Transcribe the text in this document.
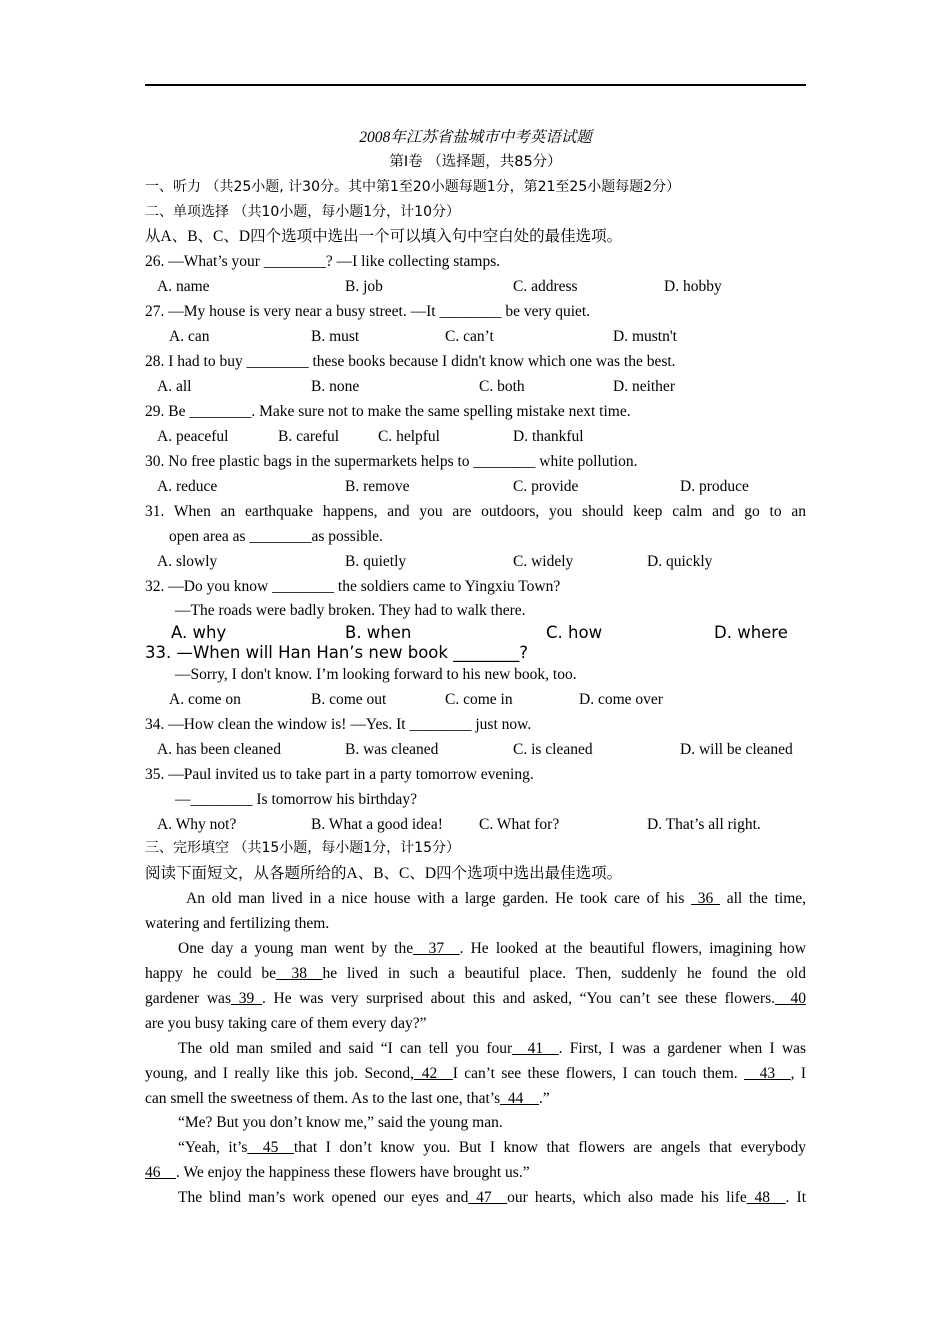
2008年江苏省盐城市中考英语试题
第Ⅰ卷 （选择题，共85分）
一、听力 （共25小题, 计30分。其中第1至20小题每题1分，第21至25小题每题2分）
二、单项选择 （共10小题，每小题1分，计10分）
从A、B、C、D四个选项中选出一个可以填入句中空白处的最佳选项。
26. —What’s your ________? —I like collecting stamps.
A. name	B. job	C. address	D. hobby
27. —My house is very near a busy street. —It ________ be very quiet.
A. can	B. must	C. can’t	D. mustn't
28. I had to buy ________ these books because I didn't know which one was the best.
A. all	B. none	C. both	D. neither
29. Be ________. Make sure not to make the same spelling mistake next time.
A. peaceful	B. careful	C. helpful	D. thankful
30. No free plastic bags in the supermarkets helps to ________ white pollution.
A. reduce	B. remove	C. provide	D. produce
31. When an earthquake happens, and you are outdoors, you should keep calm and go to an
open area as ________as possible.
A. slowly	B. quietly	C. widely	D. quickly
32. —Do you know ________ the soldiers came to Yingxiu Town?
—The roads were badly broken. They had to walk there.
A. why	B. when	C. how	D. where
33. —When will Han Han’s new book ________?
—Sorry, I don't know. I’m looking forward to his new book, too.
A. come on	B. come out	C. come in	D. come over
34. —How clean the window is! —Yes. It ________ just now.
A. has been cleaned	B. was cleaned	C. is cleaned	D. will be cleaned
35. —Paul invited us to take part in a party tomorrow evening.
—________ Is tomorrow his birthday?
A. Why not?	B. What a good idea! C. What for?	D. That’s all right.
三、完形填空 （共15小题，每小题1分，计15分）
阅读下面短文，从各题所给的A、B、C、D四个选项中选出最佳选项。
An old man lived in a nice house with a large garden. He took care of his  36  all the time,
watering and fertilizing them.
One day a young man went by the__37__. He looked at the beautiful flowers, imagining how
happy he could be__38__he lived in such a beautiful place. Then, suddenly he found the old
gardener was_39_. He was very surprised about this and asked, “You can’t see these flowers.__40
are you busy taking care of them every day?”
The old man smiled and said “I can tell you four__41__. First, I was a gardener when I was
young, and I really like this job. Second,_42__I can’t see these flowers, I can touch them. __43__, I
can smell the sweetness of them. As to the last one, that’s_44__.”
“Me? But you don’t know me,” said the young man.
“Yeah, it’s__45__that I don’t know you. But I know that flowers are angels that everybody
46__. We enjoy the happiness these flowers have brought us.”
The blind man’s work opened our eyes and_47__our hearts, which also made his life_48__. It
